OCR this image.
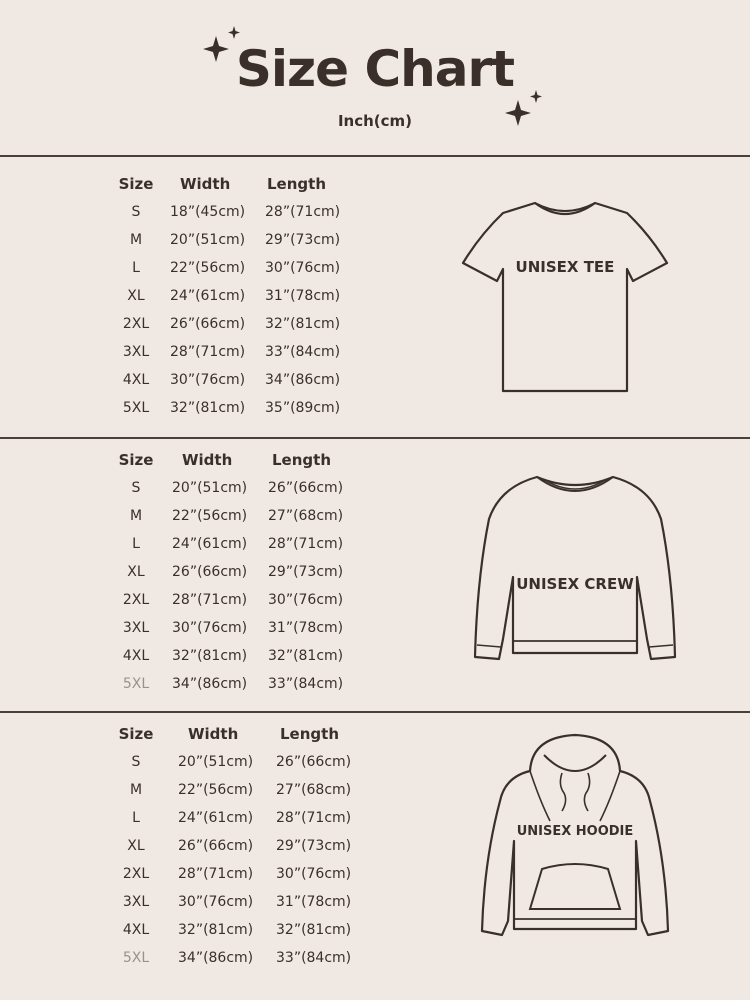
Size Chart
Inch(cm)
Size	Width	Length
S	18”(45cm)	28”(71cm)
M	20”(51cm)	29”(73cm)
L	22”(56cm)	30”(76cm)
XL	24”(61cm)	31”(78cm)
2XL	26”(66cm)	32”(81cm)
3XL	28”(71cm)	33”(84cm)
4XL	30”(76cm)	34”(86cm)
5XL	32”(81cm)	35”(89cm)
UNISEX TEE
Size	Width	Length
S	20”(51cm)	26”(66cm)
M	22”(56cm)	27”(68cm)
L	24”(61cm)	28”(71cm)
XL	26”(66cm)	29”(73cm)
2XL	28”(71cm)	30”(76cm)
3XL	30”(76cm)	31”(78cm)
4XL	32”(81cm)	32”(81cm)
5XL	34”(86cm)	33”(84cm)
UNISEX CREW
Size	Width	Length
S	20”(51cm)	26”(66cm)
M	22”(56cm)	27”(68cm)
L	24”(61cm)	28”(71cm)
XL	26”(66cm)	29”(73cm)
2XL	28”(71cm)	30”(76cm)
3XL	30”(76cm)	31”(78cm)
4XL	32”(81cm)	32”(81cm)
5XL	34”(86cm)	33”(84cm)
UNISEX HOODIE
